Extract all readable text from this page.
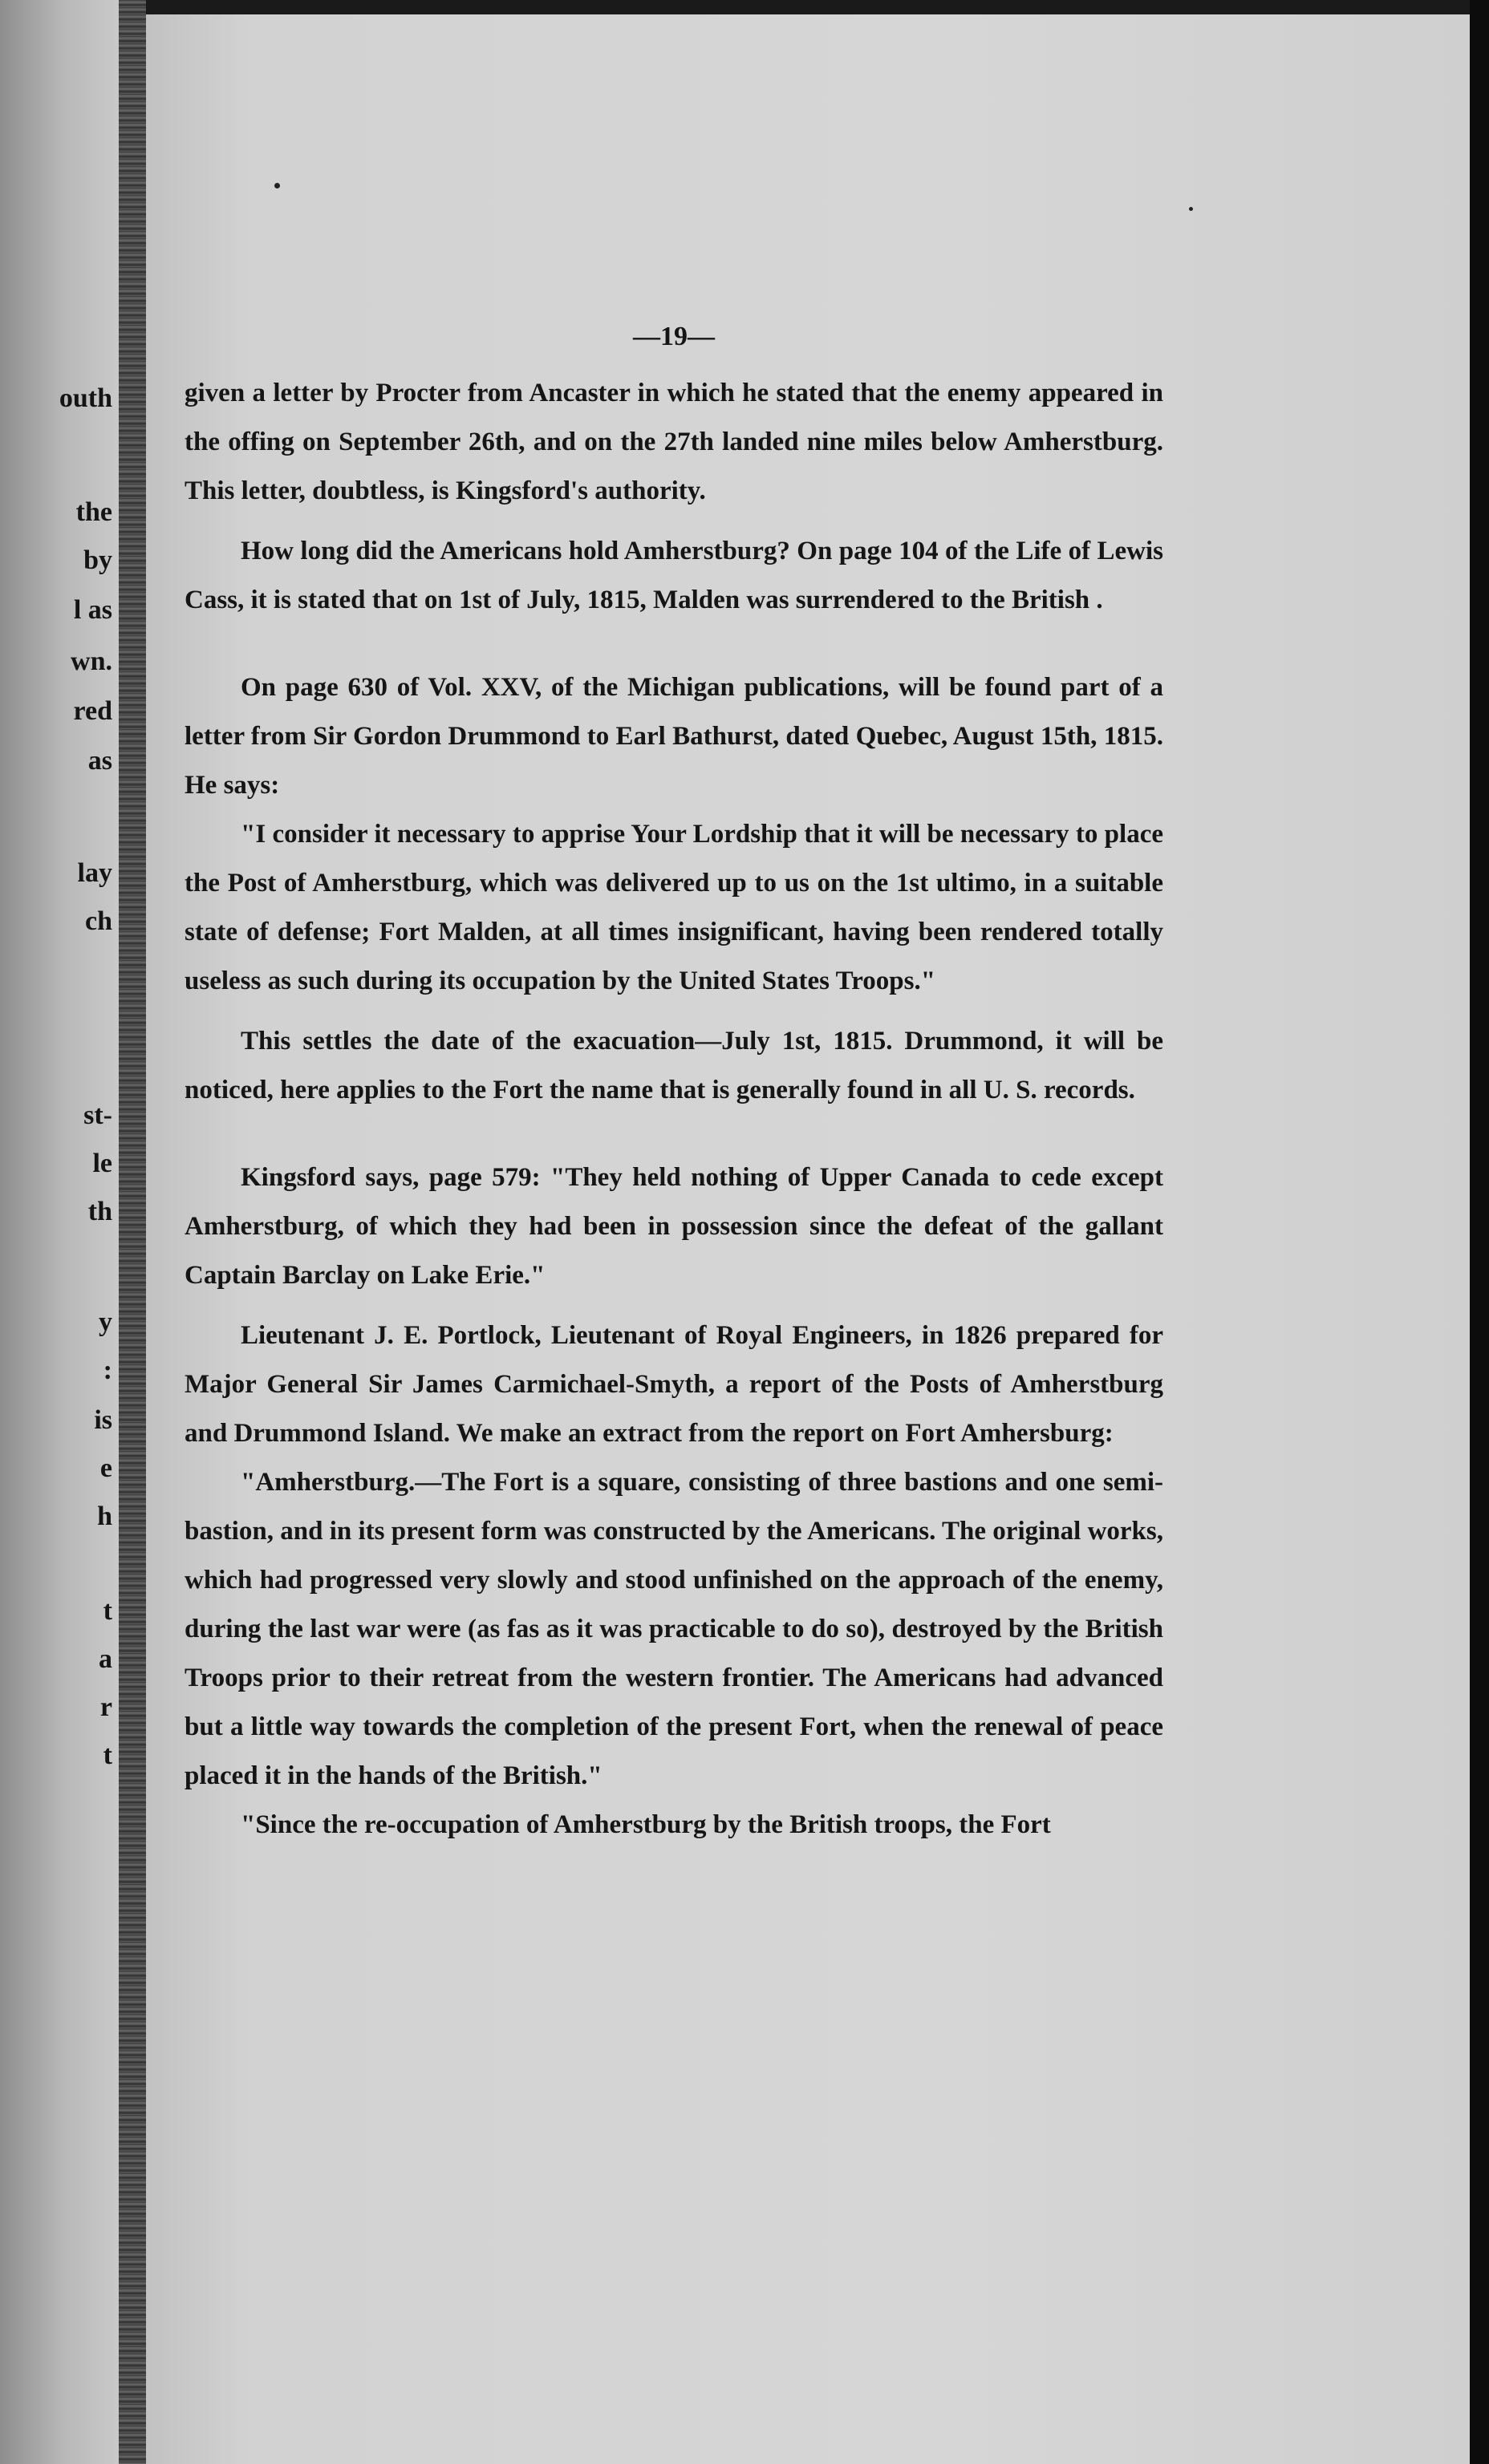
outh
the
by
l as
wn.
red
as
lay
ch
st-
le
th
y
:
is
e
h
t
a
r
t
—19—

given a letter by Procter from Ancaster in which he stated that the enemy appeared in the offing on September 26th, and on the 27th landed nine miles below Amherstburg. This letter, doubtless, is Kingsford's authority.

How long did the Americans hold Amherstburg? On page 104 of the Life of Lewis Cass, it is stated that on 1st of July, 1815, Malden was surrendered to the British .

On page 630 of Vol. XXV, of the Michigan publications, will be found part of a letter from Sir Gordon Drummond to Earl Bathurst, dated Quebec, August 15th, 1815. He says:

"I consider it necessary to apprise Your Lordship that it will be necessary to place the Post of Amherstburg, which was delivered up to us on the 1st ultimo, in a suitable state of defense; Fort Malden, at all times insignificant, having been rendered totally useless as such during its occupation by the United States Troops."

This settles the date of the exacuation—July 1st, 1815. Drummond, it will be noticed, here applies to the Fort the name that is generally found in all U. S. records.

Kingsford says, page 579: "They held nothing of Upper Canada to cede except Amherstburg, of which they had been in possession since the defeat of the gallant Captain Barclay on Lake Erie."

Lieutenant J. E. Portlock, Lieutenant of Royal Engineers, in 1826 prepared for Major General Sir James Carmichael-Smyth, a report of the Posts of Amherstburg and Drummond Island. We make an extract from the report on Fort Amhersburg:

"Amherstburg.—The Fort is a square, consisting of three bastions and one semi-bastion, and in its present form was constructed by the Americans. The original works, which had progressed very slowly and stood unfinished on the approach of the enemy, during the last war were (as fas as it was practicable to do so), destroyed by the British Troops prior to their retreat from the western frontier. The Americans had advanced but a little way towards the completion of the present Fort, when the renewal of peace placed it in the hands of the British."

"Since the re-occupation of Amherstburg by the British troops, the Fort
